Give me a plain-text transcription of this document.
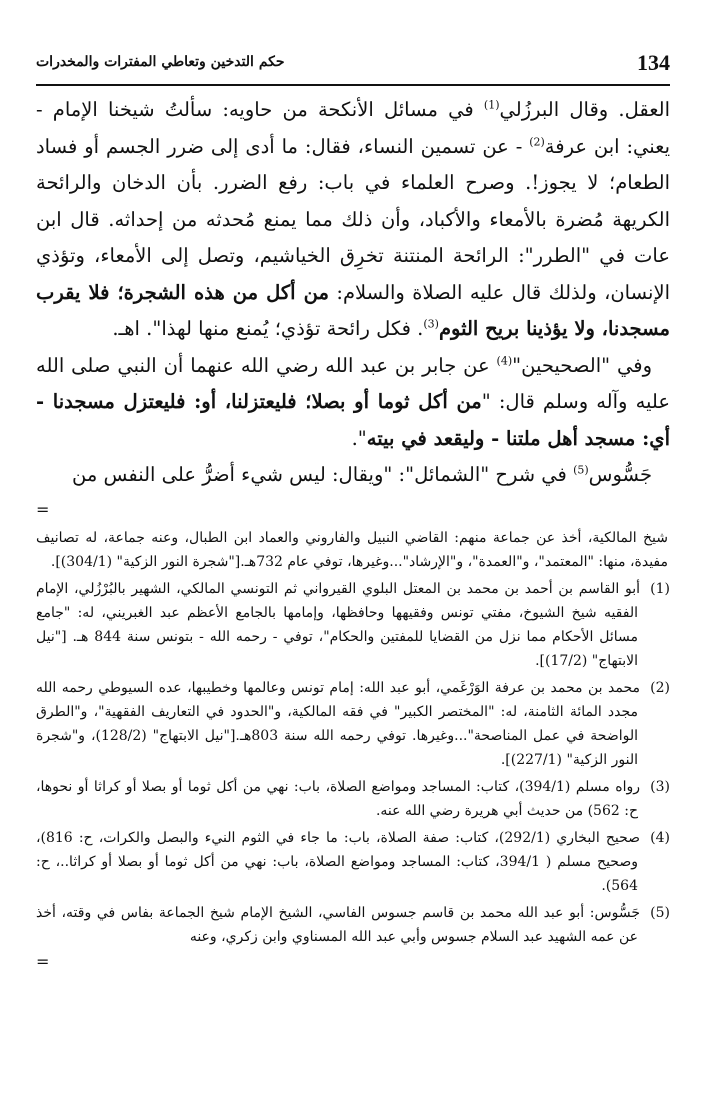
134
حكم التدخين وتعاطي المفترات والمخدرات

العقل. وقال البرزُلي$^{(1)}$ في مسائل الأنكحة من حاويه: سألتُ شيخنا الإمام - يعني: ابن عرفة$^{(2)}$ - عن تسمين النساء، فقال: ما أدى إلى ضرر الجسم أو فساد الطعام؛ لا يجوز!. وصرح العلماء في باب: رفع الضرر. بأن الدخان والرائحة الكريهة مُضرة بالأمعاء والأكباد، وأن ذلك مما يمنع مُحدثه من إحداثه. قال ابن عات في "الطرر": الرائحة المنتنة تخرِق الخياشيم، وتصل إلى الأمعاء، وتؤذي الإنسان، ولذلك قال عليه الصلاة والسلام: من أكل من هذه الشجرة؛ فلا يقرب مسجدنا، ولا يؤذينا بريح الثوم$^{(3)}$. فكل رائحة تؤذي؛ يُمنع منها لهذا". اهـ.

وفي "الصحيحين"$^{(4)}$ عن جابر بن عبد الله رضي الله عنهما أن النبي صلى الله عليه وآله وسلم قال: "من أكل ثوما أو بصلا؛ فليعتزلنا، أو: فليعتزل مسجدنا - أي: مسجد أهل ملتنا - وليقعد في بيته".

جَسُّوس$^{(5)}$ في شرح "الشمائل": "ويقال: ليس شيء أضرُّ على النفس من

=

شيخ المالكية، أخذ عن جماعة منهم: القاضي النبيل والفاروني والعماد ابن الطبال، وعنه جماعة، له تصانيف مفيدة، منها: "المعتمد"، و"العمدة"، و"الإرشاد"...وغيرها، توفي عام 732هـ.["شجرة النور الزكية" (304/1)].

(1)أبو القاسم بن أحمد بن محمد بن المعتل البلوي القيرواني ثم التونسي المالكي، الشهير بالبُرْزُلي، الإمام الفقيه شيخ الشيوخ، مفتي تونس وفقيهها وحافظها، وإمامها بالجامع الأعظم عبد الغبريني، له: "جامع مسائل الأحكام مما نزل من القضايا للمفتين والحكام"، توفي - رحمه الله - بتونس سنة 844 هـ. ["نيل الابتهاج" (17/2)].

(2)محمد بن محمد بن عرفة الوَرْغَمي، أبو عبد الله: إمام تونس وعالمها وخطيبها، عده السيوطي رحمه الله مجدد المائة الثامنة، له: "المختصر الكبير" في فقه المالكية، و"الحدود في التعاريف الفقهية"، و"الطرق الواضحة في عمل المناصحة"...وغيرها. توفي رحمه الله سنة 803هـ.["نيل الابتهاج" (128/2)، و"شجرة النور الزكية" (227/1)].

(3)رواه مسلم (394/1)، كتاب: المساجد ومواضع الصلاة، باب: نهي من أكل ثوما أو بصلا أو كراثا أو نحوها، ح: 562) من حديث أبي هريرة رضي الله عنه.

(4)صحيح البخاري (292/1)، كتاب: صفة الصلاة، باب: ما جاء في الثوم النيء والبصل والكرات، ح: 816)، وصحيح مسلم ( 394/1، كتاب: المساجد ومواضع الصلاة، باب: نهي من أكل ثوما أو بصلا أو كراثا..، ح: 564).

(5)جَسُّوس: أبو عبد الله محمد بن قاسم جسوس الفاسي، الشيخ الإمام شيخ الجماعة بفاس في وقته، أخذ عن عمه الشهيد عبد السلام جسوس وأبي عبد الله المسناوي وابن زكري، وعنه

=
